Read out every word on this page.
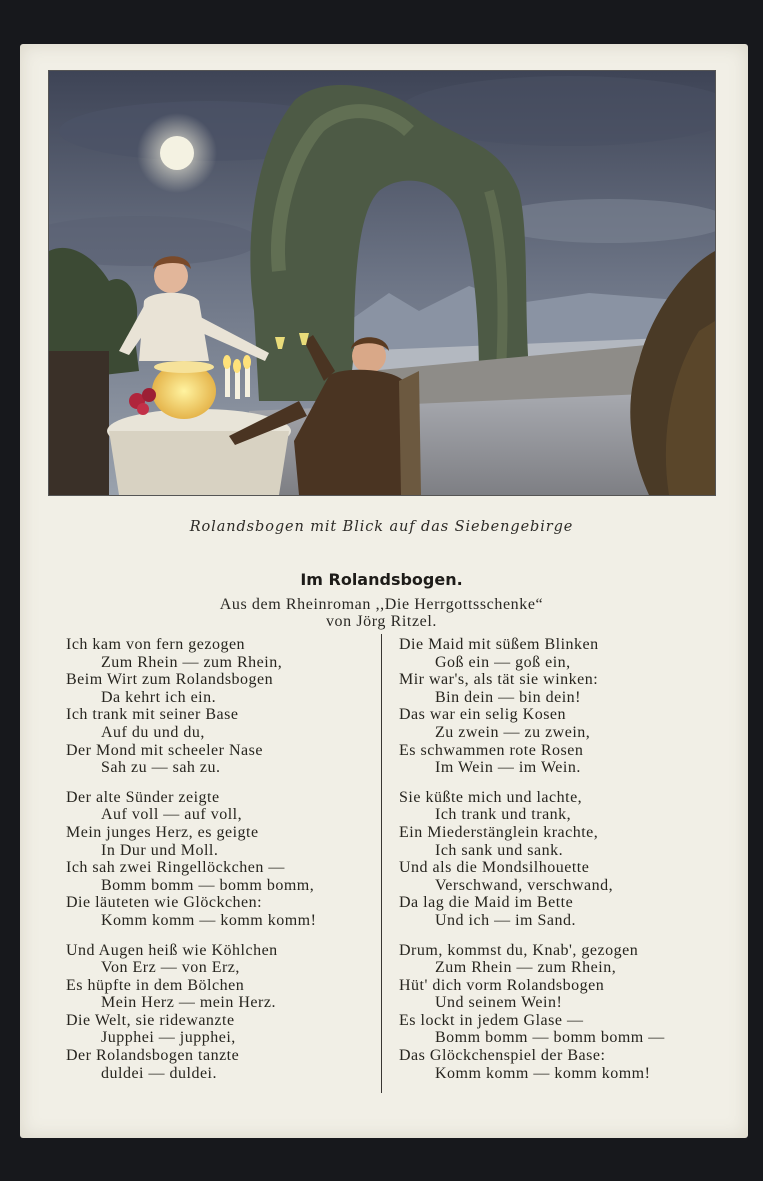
Rolandsbogen mit Blick auf das Siebengebirge
Im Rolandsbogen.
Aus dem Rheinroman ,,Die Herrgottsschenke“
von Jörg Ritzel.
Ich kam von fern gezogen
Zum Rhein — zum Rhein,
Beim Wirt zum Rolandsbogen
Da kehrt ich ein.
Ich trank mit seiner Base
Auf du und du,
Der Mond mit scheeler Nase
Sah zu — sah zu.
Der alte Sünder zeigte
Auf voll — auf voll,
Mein junges Herz, es geigte
In Dur und Moll.
Ich sah zwei Ringellöckchen —
Bomm bomm — bomm bomm,
Die läuteten wie Glöckchen:
Komm komm — komm komm!
Und Augen heiß wie Köhlchen
Von Erz — von Erz,
Es hüpfte in dem Bölchen
Mein Herz — mein Herz.
Die Welt, sie ridewanzte
Jupphei — jupphei,
Der Rolandsbogen tanzte
duldei — duldei.
Die Maid mit süßem Blinken
Goß ein — goß ein,
Mir war's, als tät sie winken:
Bin dein — bin dein!
Das war ein selig Kosen
Zu zwein — zu zwein,
Es schwammen rote Rosen
Im Wein — im Wein.
Sie küßte mich und lachte,
Ich trank und trank,
Ein Miederstänglein krachte,
Ich sank und sank.
Und als die Mondsilhouette
Verschwand, verschwand,
Da lag die Maid im Bette
Und ich — im Sand.
Drum, kommst du, Knab', gezogen
Zum Rhein — zum Rhein,
Hüt' dich vorm Rolandsbogen
Und seinem Wein!
Es lockt in jedem Glase —
Bomm bomm — bomm bomm —
Das Glöckchenspiel der Base:
Komm komm — komm komm!
